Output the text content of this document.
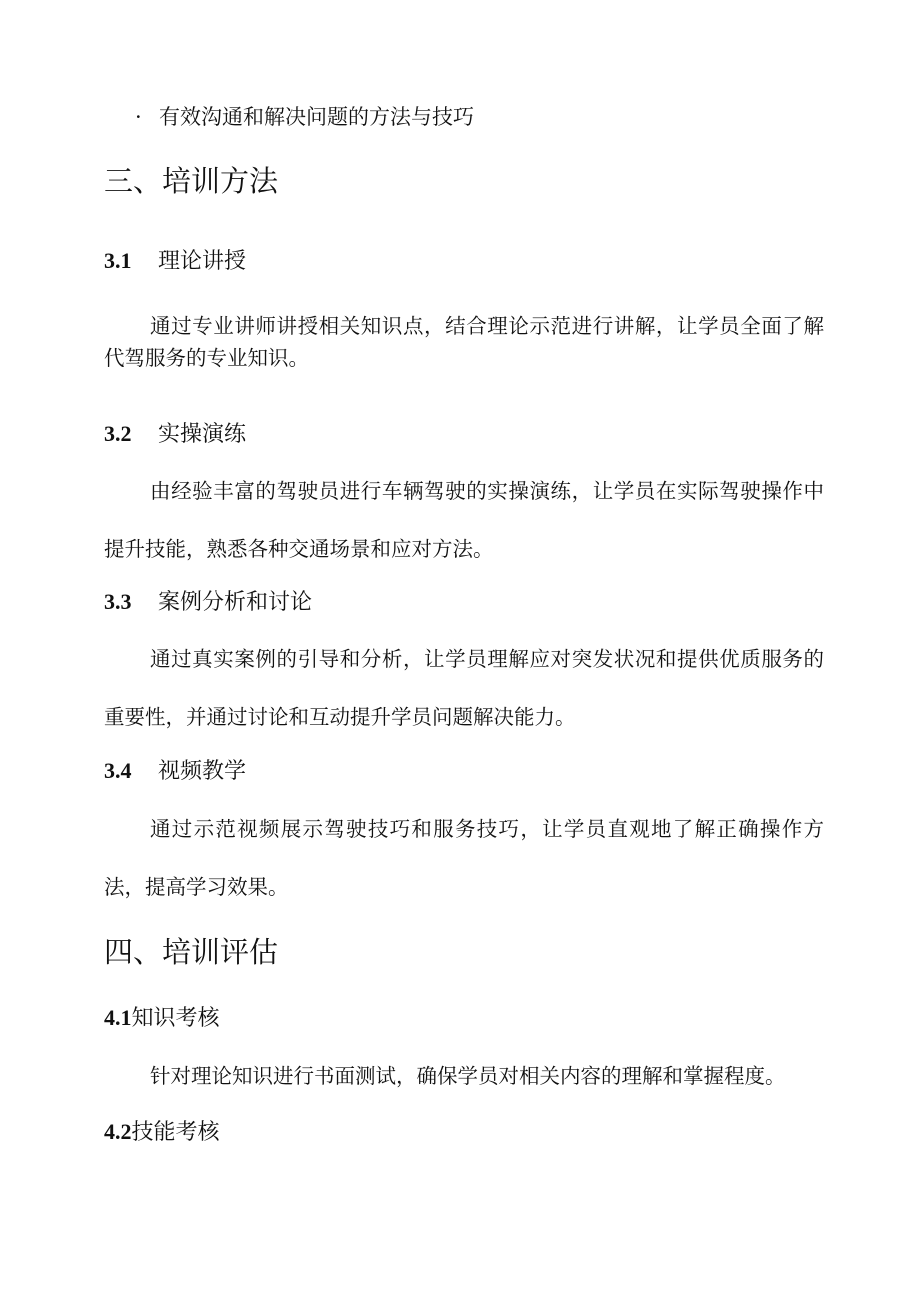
· 有效沟通和解决问题的方法与技巧
三、培训方法
3.1 理论讲授
通过专业讲师讲授相关知识点，结合理论示范进行讲解，让学员全面了解代驾服务的专业知识。
3.2 实操演练
由经验丰富的驾驶员进行车辆驾驶的实操演练，让学员在实际驾驶操作中提升技能，熟悉各种交通场景和应对方法。
3.3 案例分析和讨论
通过真实案例的引导和分析，让学员理解应对突发状况和提供优质服务的重要性，并通过讨论和互动提升学员问题解决能力。
3.4 视频教学
通过示范视频展示驾驶技巧和服务技巧，让学员直观地了解正确操作方法，提高学习效果。
四、培训评估
4.1知识考核
针对理论知识进行书面测试，确保学员对相关内容的理解和掌握程度。
4.2技能考核
